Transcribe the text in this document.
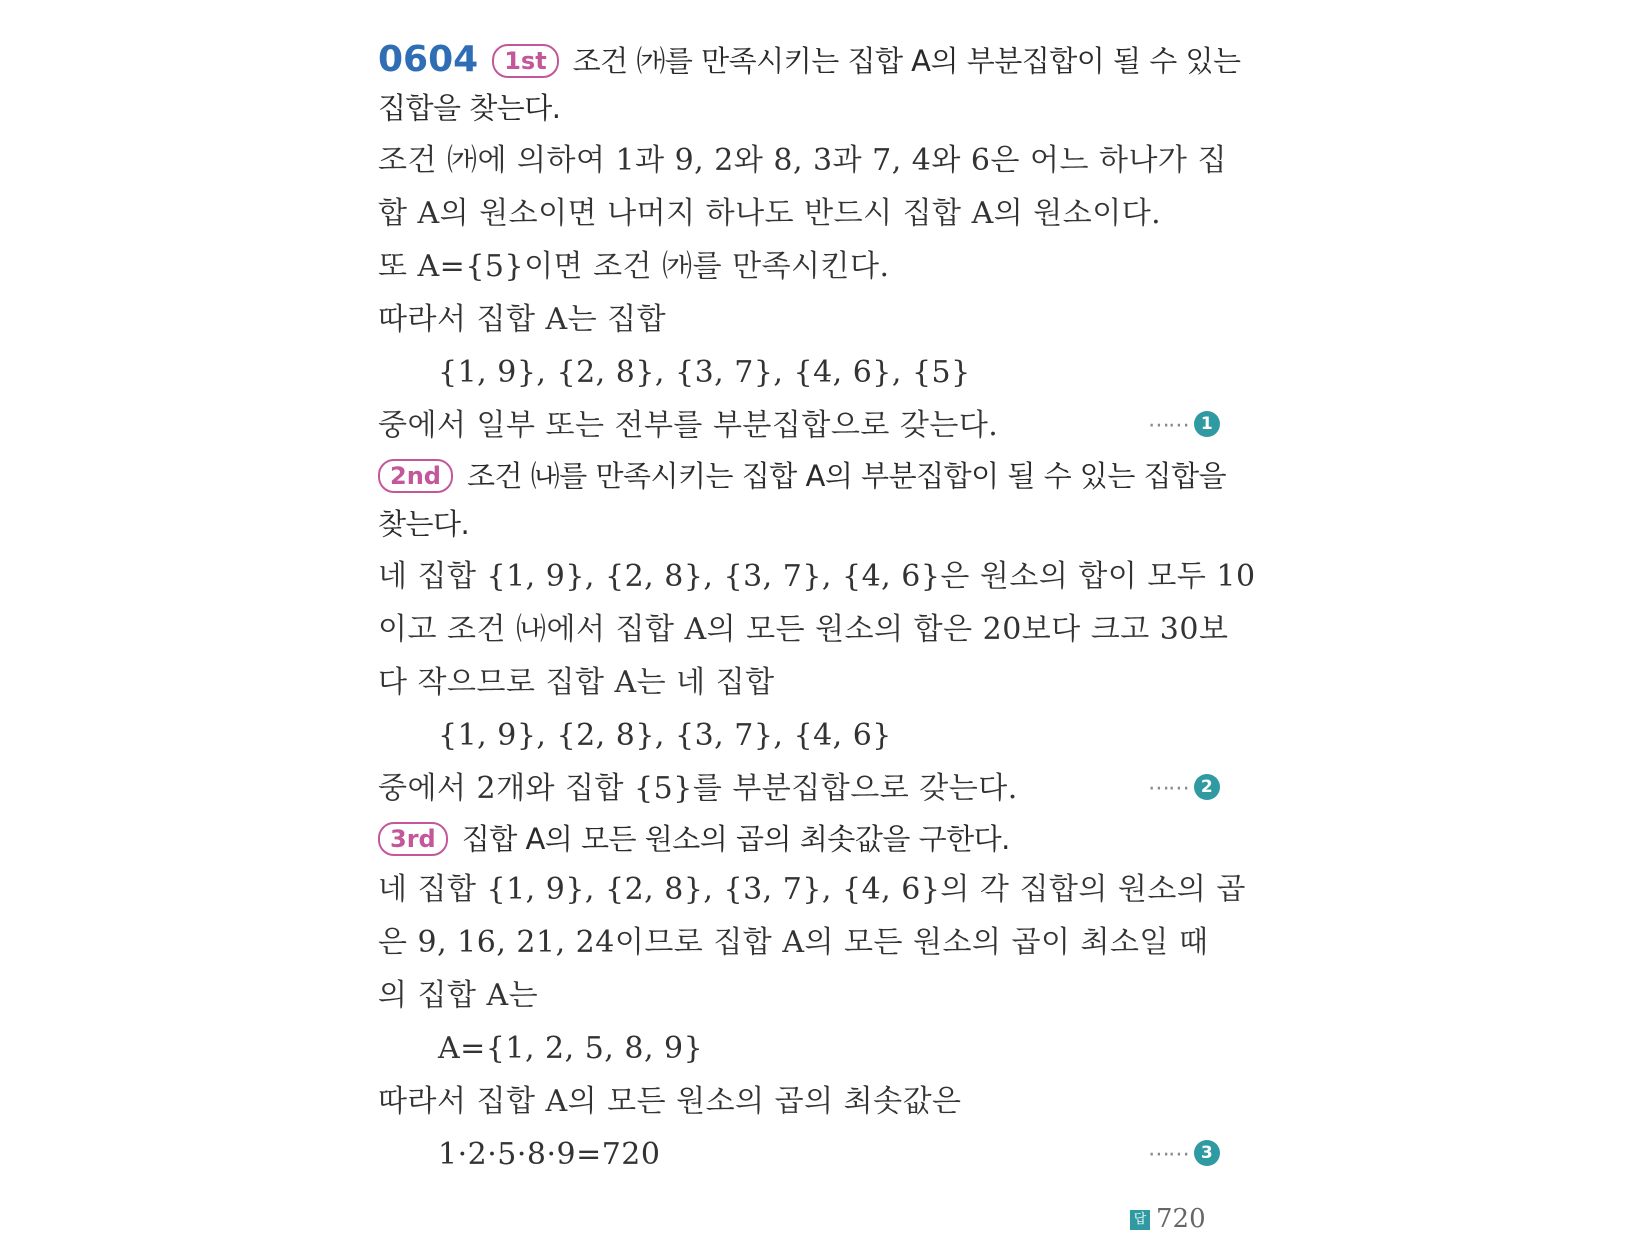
0604 1st 조건 ㈎를 만족시키는 집합 A의 부분집합이 될 수 있는
집합을 찾는다.
조건 ㈎에 의하여 1과 9, 2와 8, 3과 7, 4와 6은 어느 하나가 집
합 A의 원소이면 나머지 하나도 반드시 집합 A의 원소이다.
또 A={5}이면 조건 ㈎를 만족시킨다.
따라서 집합 A는 집합
{1, 9}, {2, 8}, {3, 7}, {4, 6}, {5}
중에서 일부 또는 전부를 부분집합으로 갖는다.	⋯⋯ 1
2nd 조건 ㈏를 만족시키는 집합 A의 부분집합이 될 수 있는 집합을
찾는다.
네 집합 {1, 9}, {2, 8}, {3, 7}, {4, 6}은 원소의 합이 모두 10
이고 조건 ㈏에서 집합 A의 모든 원소의 합은 20보다 크고 30보
다 작으므로 집합 A는 네 집합
{1, 9}, {2, 8}, {3, 7}, {4, 6}
중에서 2개와 집합 {5}를 부분집합으로 갖는다.	⋯⋯ 2
3rd 집합 A의 모든 원소의 곱의 최솟값을 구한다.
네 집합 {1, 9}, {2, 8}, {3, 7}, {4, 6}의 각 집합의 원소의 곱
은 9, 16, 21, 24이므로 집합 A의 모든 원소의 곱이 최소일 때
의 집합 A는
A={1, 2, 5, 8, 9}
따라서 집합 A의 모든 원소의 곱의 최솟값은
1·2·5·8·9=720	⋯⋯ 3
답 720
